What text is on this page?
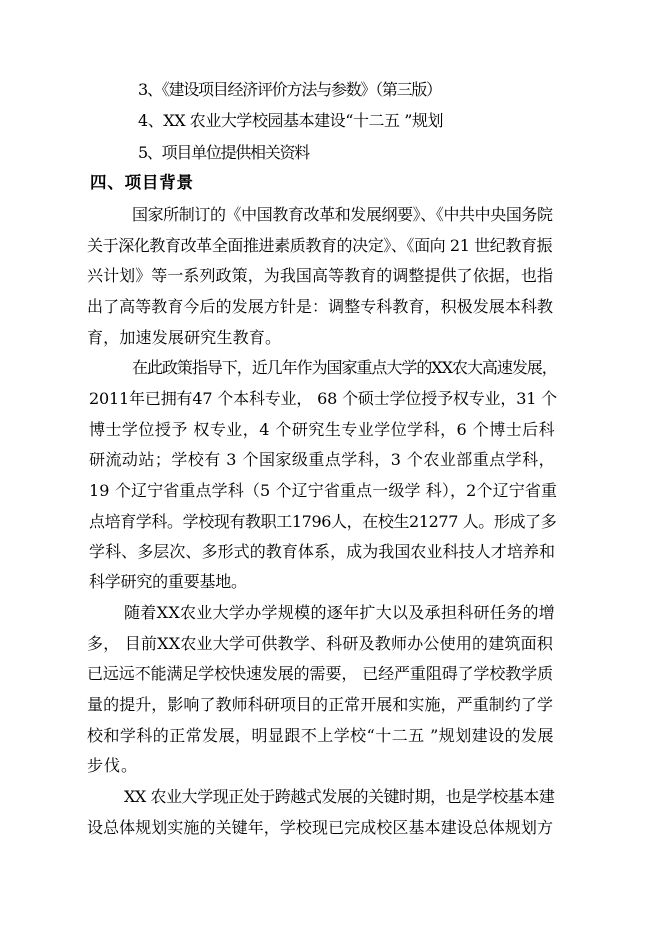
3、《建设项目经济评价方法与参数》（第三版）

4、XX 农业大学校园基本建设“十二五 ”规划

5、项目单位提供相关资料

四、项目背景

国家所制订的《中国教育改革和发展纲要》、《中共中央国务院

关于深化教育改革全面推进素质教育的决定》、《面向 21 世纪教育振

兴计划》等一系列政策，为我国高等教育的调整提供了依据，也指

出了高等教育今后的发展方针是：调整专科教育，积极发展本科教

育，加速发展研究生教育。

在此政策指导下，近几年作为国家重点大学的XX农大高速发展，

2011年已拥有47 个本科专业， 68 个硕士学位授予权专业，31 个

博士学位授予 权专业，4 个研究生专业学位学科，6 个博士后科

研流动站；学校有 3 个国家级重点学科，3 个农业部重点学科，

19 个辽宁省重点学科（5 个辽宁省重点一级学 科），2个辽宁省重

点培育学科。学校现有教职工1796人，在校生21277 人。形成了多

学科、多层次、多形式的教育体系，成为我国农业科技人才培养和

科学研究的重要基地。

随着XX农业大学办学规模的逐年扩大以及承担科研任务的增

多， 目前XX农业大学可供教学、科研及教师办公使用的建筑面积

已远远不能满足学校快速发展的需要， 已经严重阻碍了学校教学质

量的提升，影响了教师科研项目的正常开展和实施，严重制约了学

校和学科的正常发展，明显跟不上学校“十二五 ”规划建设的发展

步伐。

XX 农业大学现正处于跨越式发展的关键时期，也是学校基本建

设总体规划实施的关键年，学校现已完成校区基本建设总体规划方
